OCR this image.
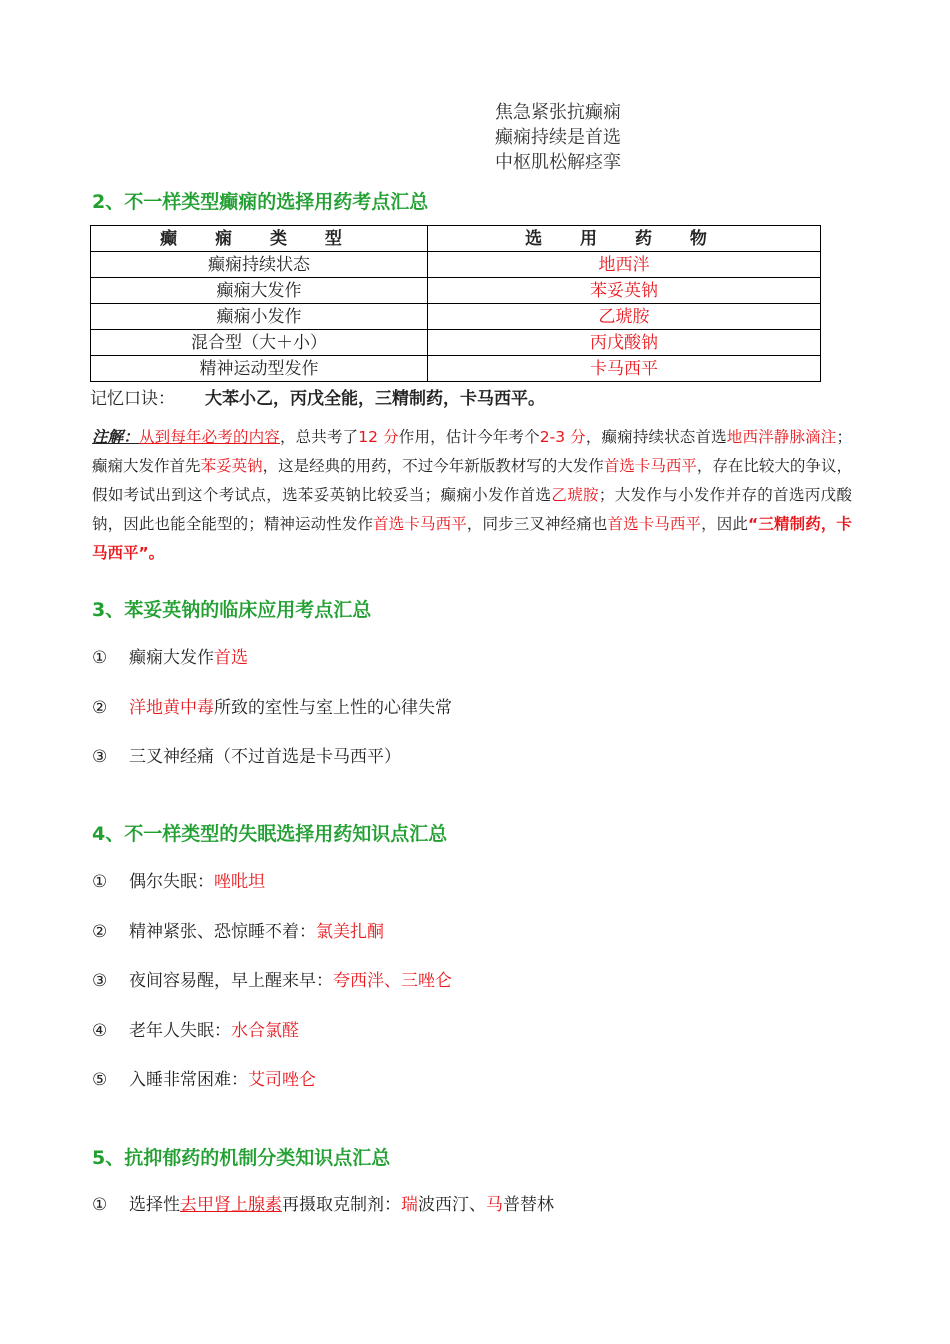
焦急紧张抗癫痫
癫痫持续是首选
中枢肌松解痉挛
2、不一样类型癫痫的选择用药考点汇总
癫 痫 类 型	选 用 药 物
癫痫持续状态	地西泮
癫痫大发作	苯妥英钠
癫痫小发作	乙琥胺
混合型（大＋小）	丙戊酸钠
精神运动型发作	卡马西平
记忆口诀： 大苯小乙，丙戊全能，三精制药，卡马西平。
注解：从到每年必考的内容，总共考了12 分作用，估计今年考个2-3 分，癫痫持续状态首选地西泮静脉滴注；癫痫大发作首先苯妥英钠，这是经典的用药，不过今年新版教材写的大发作首选卡马西平，存在比较大的争议，假如考试出到这个考试点，选苯妥英钠比较妥当；癫痫小发作首选乙琥胺；大发作与小发作并存的首选丙戊酸钠，因此也能全能型的；精神运动性发作首选卡马西平，同步三叉神经痛也首选卡马西平，因此“三精制药，卡马西平”。
3、苯妥英钠的临床应用考点汇总
① 癫痫大发作首选
② 洋地黄中毒所致的室性与室上性的心律失常
③ 三叉神经痛（不过首选是卡马西平）
4、不一样类型的失眠选择用药知识点汇总
① 偶尔失眠：唑吡坦
② 精神紧张、恐惊睡不着：氯美扎酮
③ 夜间容易醒，早上醒来早：夸西泮、三唑仑
④ 老年人失眠：水合氯醛
⑤ 入睡非常困难：艾司唑仑
5、抗抑郁药的机制分类知识点汇总
① 选择性去甲肾上腺素再摄取克制剂：瑞波西汀、马普替林
